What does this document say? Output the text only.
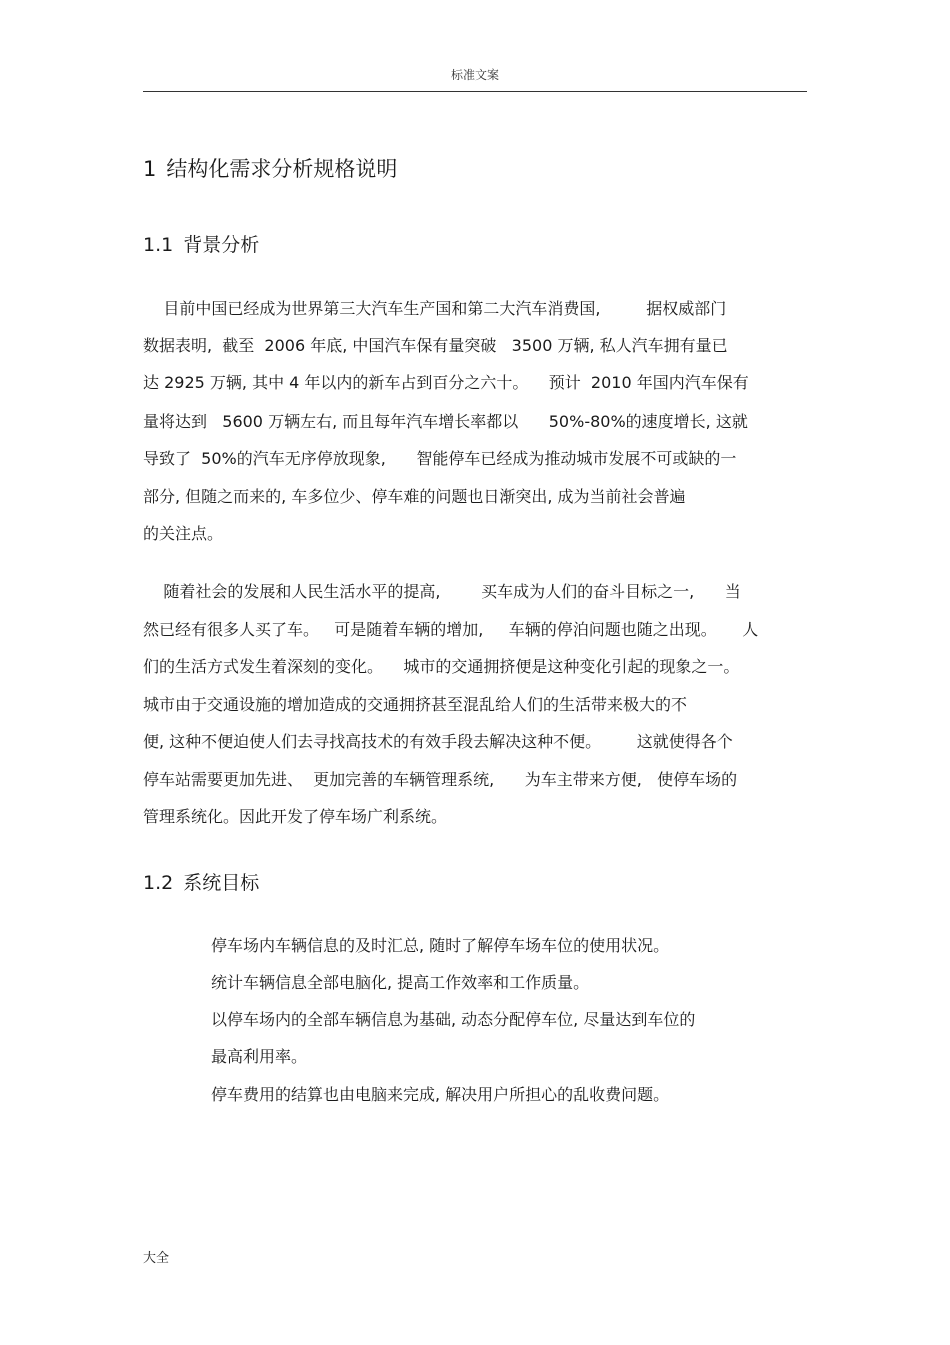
标准文案
1 结构化需求分析规格说明
1.1 背景分析
目前中国已经成为世界第三大汽车生产国和第二大汽车消费国,         据权威部门
数据表明,  截至  2006 年底, 中国汽车保有量突破   3500 万辆, 私人汽车拥有量已
达 2925 万辆, 其中 4 年以内的新车占到百分之六十。    预计  2010 年国内汽车保有
量将达到   5600 万辆左右, 而且每年汽车增长率都以      50%-80%的速度增长, 这就
导致了  50%的汽车无序停放现象,      智能停车已经成为推动城市发展不可或缺的一
部分, 但随之而来的, 车多位少、停车难的问题也日渐突出, 成为当前社会普遍
的关注点。
随着社会的发展和人民生活水平的提高,        买车成为人们的奋斗目标之一,      当
然已经有很多人买了车。   可是随着车辆的增加,     车辆的停泊问题也随之出现。     人
们的生活方式发生着深刻的变化。    城市的交通拥挤便是这种变化引起的现象之一。
城市由于交通设施的增加造成的交通拥挤甚至混乱给人们的生活带来极大的不
便, 这种不便迫使人们去寻找高技术的有效手段去解决这种不便。       这就使得各个
停车站需要更加先进、  更加完善的车辆管理系统,      为车主带来方便,   使停车场的
管理系统化。因此开发了停车场广利系统。
1.2 系统目标
停车场内车辆信息的及时汇总, 随时了解停车场车位的使用状况。
统计车辆信息全部电脑化, 提高工作效率和工作质量。
以停车场内的全部车辆信息为基础, 动态分配停车位, 尽量达到车位的
最高利用率。
停车费用的结算也由电脑来完成, 解决用户所担心的乱收费问题。
大全
